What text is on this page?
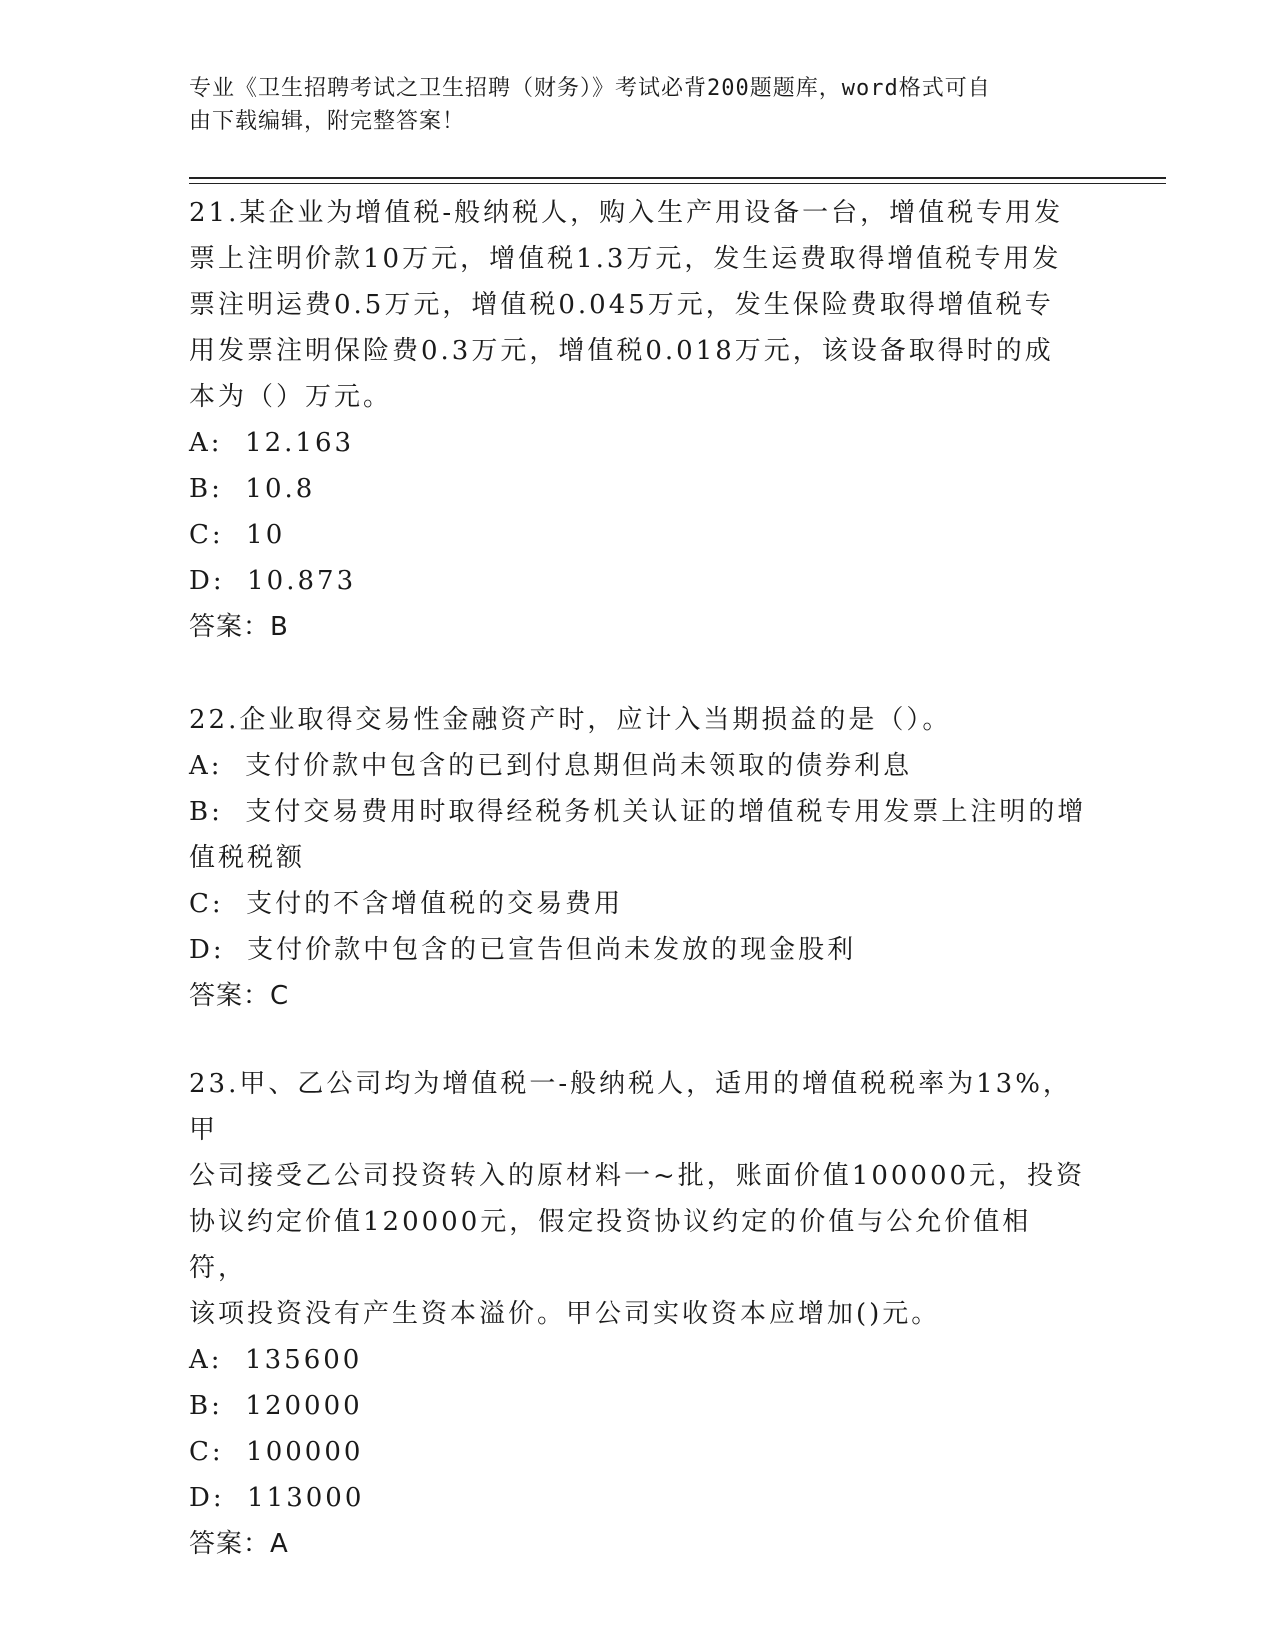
专业《卫生招聘考试之卫生招聘（财务）》考试必背200题题库，word格式可自
由下载编辑，附完整答案！

21.某企业为增值税-般纳税人，购入生产用设备一台，增值税专用发

票上注明价款10万元，增值税1.3万元，发生运费取得增值税专用发

票注明运费0.5万元，增值税0.045万元，发生保险费取得增值税专

用发票注明保险费0.3万元，增值税0.018万元，该设备取得时的成

本为（）万元。

A:  12.163

B:  10.8

C:  10

D:  10.873

答案：B

22.企业取得交易性金融资产时，应计入当期损益的是（）。

A:  支付价款中包含的已到付息期但尚未领取的债券利息

B:  支付交易费用时取得经税务机关认证的增值税专用发票上注明的增

值税税额

C:  支付的不含增值税的交易费用

D:  支付价款中包含的已宣告但尚未发放的现金股利

答案：C

23.甲、乙公司均为增值税一-般纳税人，适用的增值税税率为13%，甲

公司接受乙公司投资转入的原材料一~批，账面价值100000元，投资

协议约定价值120000元，假定投资协议约定的价值与公允价值相符，

该项投资没有产生资本溢价。甲公司实收资本应增加()元。

A:  135600

B:  120000

C:  100000

D:  113000

答案：A
